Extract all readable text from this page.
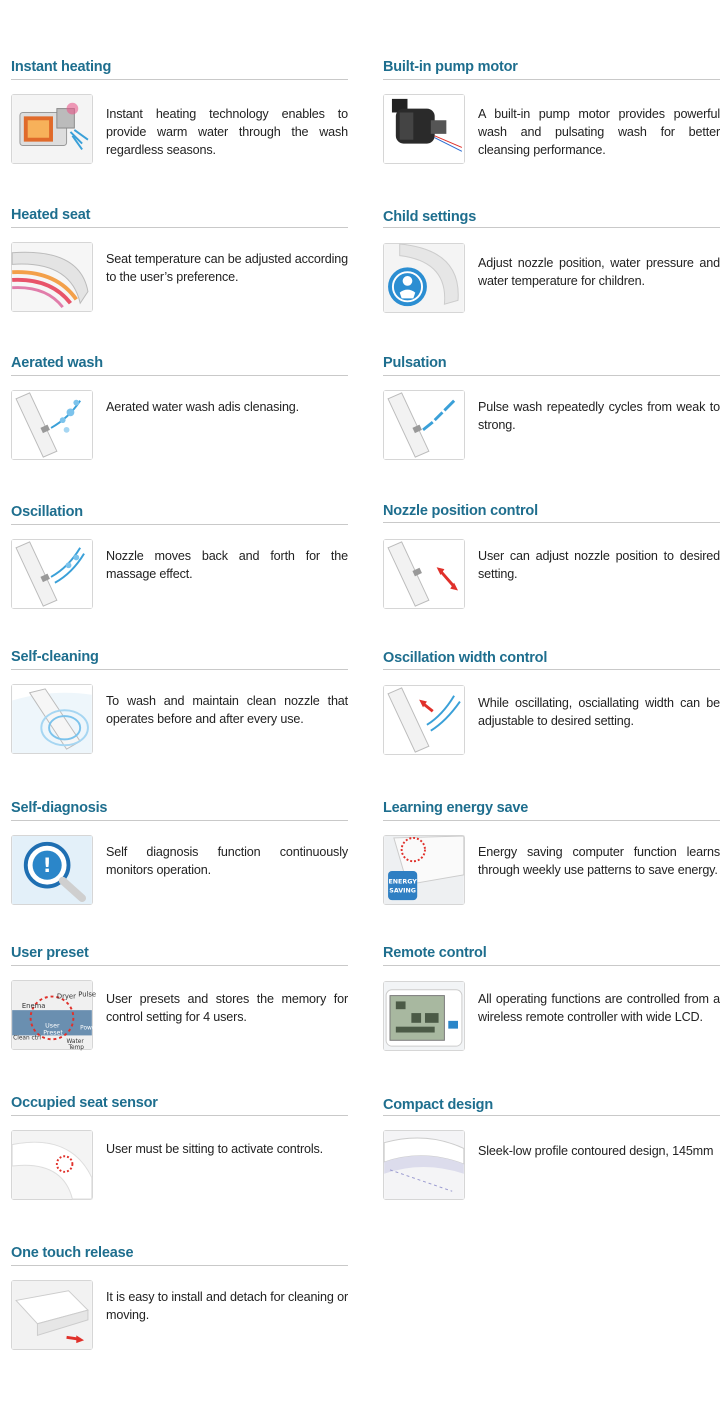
Instant heating
Instant heating technology enables to provide warm water through the wash regardless seasons.
Heated seat
Seat temperature can be adjusted according to the user’s preference.
Aerated wash
Aerated water wash adis clenasing.
Oscillation
Nozzle moves back and forth for the massage effect.
Self-cleaning
To wash and maintain clean nozzle that operates before and after every use.
Self-diagnosis
!
Self diagnosis function continuously monitors operation.
User preset
Enema
Dryer Pulse
User
Preset
Clean ctrl
Water
Temp
Power
User presets and stores the memory for control setting for 4 users.
Occupied seat sensor
User must be sitting to activate controls.
One touch release
It is easy to install and detach for cleaning or moving.
Built-in pump motor
A built-in pump motor provides powerful wash and pulsating wash for better cleansing performance.
Child settings
Adjust nozzle position, water pressure and water temperature for children.
Pulsation
Pulse wash repeatedly cycles from weak to strong.
Nozzle position control
User can adjust nozzle position to desired setting.
Oscillation width control
While oscillating, osciallating width can be adjustable to desired setting.
Learning energy save
ENERGY
SAVING
Energy saving computer function learns through weekly use patterns to save energy.
Remote control
All operating functions are controlled from a wireless remote controller with wide LCD.
Compact design
Sleek-low profile contoured design, 145mm
